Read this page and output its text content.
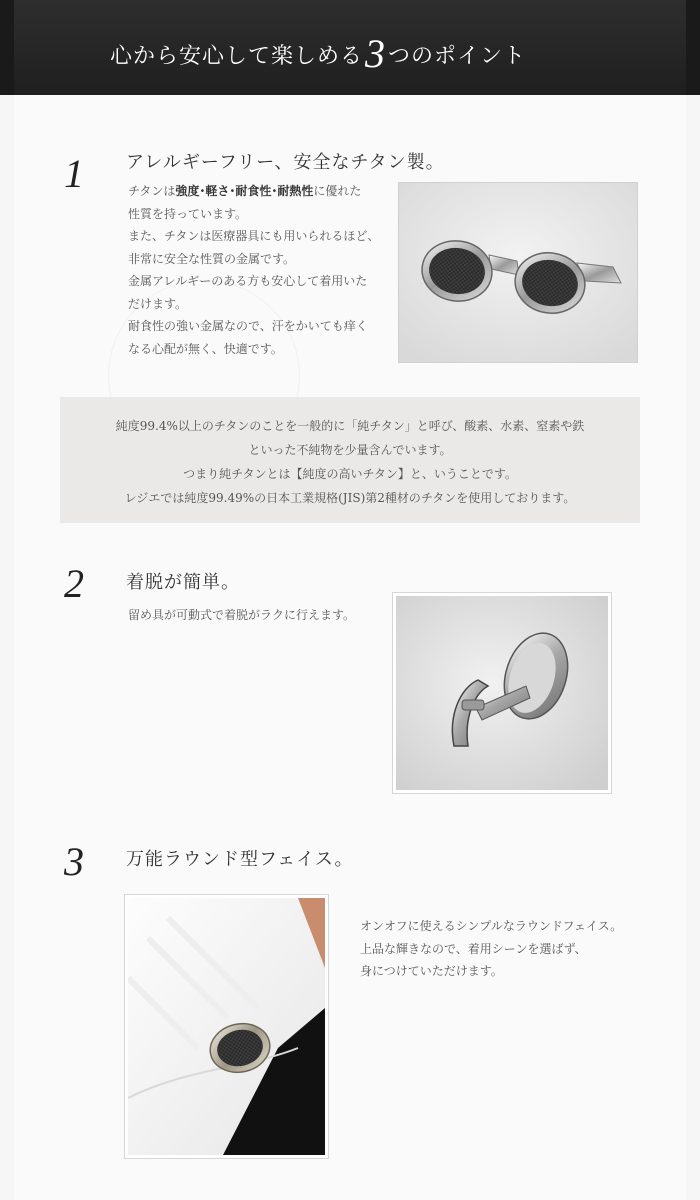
心から安心して楽しめる3つのポイント
1 アレルギーフリー、安全なチタン製。

チタンは強度･軽さ･耐食性･耐熱性に優れた

性質を持っています。

また、チタンは医療器具にも用いられるほど、

非常に安全な性質の金属です。

金属アレルギーのある方も安心して着用いた

だけます。

耐食性の強い金属なので、汗をかいても痒く

なる心配が無く、快適です。

純度99.4%以上のチタンのことを一般的に「純チタン」と呼び、酸素、水素、窒素や鉄
といった不純物を少量含んでいます。
つまり純チタンとは【純度の高いチタン】と、いうことです。
レジエでは純度99.49%の日本工業規格(JIS)第2種材のチタンを使用しております。
2 着脱が簡単。

留め具が可動式で着脱がラクに行えます。

3 万能ラウンド型フェイス。

オンオフに使えるシンプルなラウンドフェイス。

上品な輝きなので、着用シーンを選ばず、

身につけていただけます。
